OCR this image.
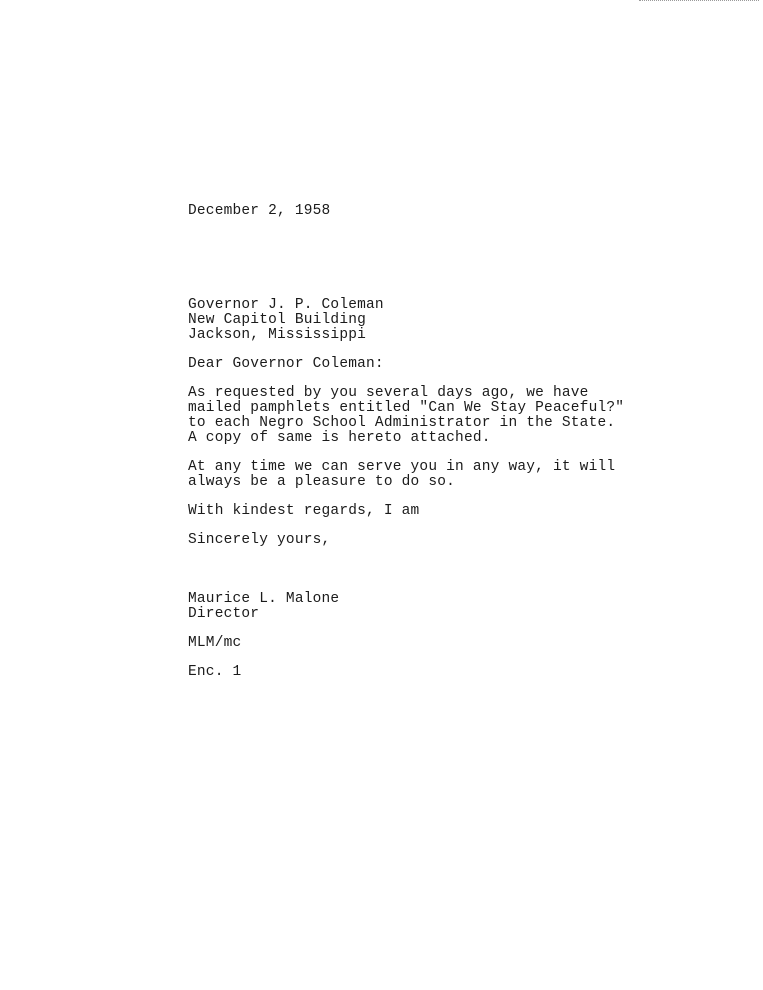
December 2, 1958
Governor J. P. Coleman
New Capitol Building
Jackson, Mississippi
Dear Governor Coleman:
As requested by you several days ago, we have
mailed pamphlets entitled "Can We Stay Peaceful?"
to each Negro School Administrator in the State.
A copy of same is hereto attached.
At any time we can serve you in any way, it will
always be a pleasure to do so.
With kindest regards, I am
Sincerely yours,
Maurice L. Malone
Director
MLM/mc
Enc. 1
